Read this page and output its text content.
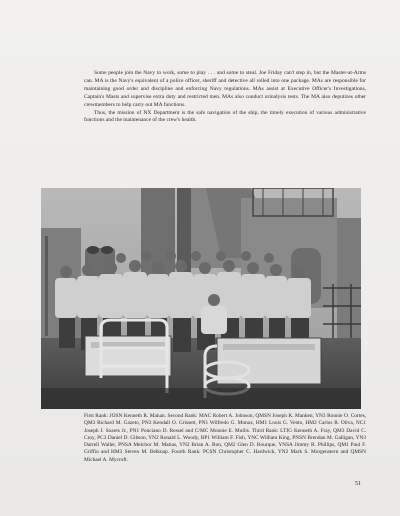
Some people join the Navy to work, some to play . . . and some to steal. Joe Friday can't step in, but the Master-at-Arms can. MA is the Navy's equivalent of a police officer, sheriff and detective all rolled into one package. MAs are responsible for maintaining good order and discipline and enforcing Navy regulations. MAs assist at Executive Officer's Investigations, Captain's Masts and supervise extra duty and restricted men. MAs also conduct urinalysis tests. The MA also deputizes other crewmembers to help carry out MA functions.

Thus, the mission of NX Department is the safe navigation of the ship, the timely execution of various administrative functions and the maintenance of the crew's health.

First Rank: JOSN Kenneth R. Mahan. Second Rank: MAC Robert A. Johnson, QMSN Joseph K. Manken, YN3 Ronnie O. Cortes, QM3 Richard M. Gazeto, PN3 Kendall O. Grissett, PN1 Wilfredo G. Munoz, HM1 Louis G. Vento, HM2 Carlos R. Oliva, NC1 Joseph J. Soares Jr., PN1 Ponciano D. Ressel and C/MC Monnie E. Mullis. Third Rank: LTJG Kenneth A. Fray, QM3 David C. Croy, PC3 Daniel D. Gibson, YN2 Ronald L. Woody, BP1 William F. Fish, YNC William King, PNSN Brendan M. Galligan, YN3 Darrell Waller, PNSA Melchor M. Matias, YN2 Brian A. Bon, QM2 Glen D. Bourque, YNSA Jimmy R. Phillips, QM1 Paul F. Griffio and HM3 Steven M. Belknap. Fourth Rank: PCSN Christopher C. Hardwick, YN2 Mark S. Morgenstern and QMSN Michael A. Mycroft.

51
